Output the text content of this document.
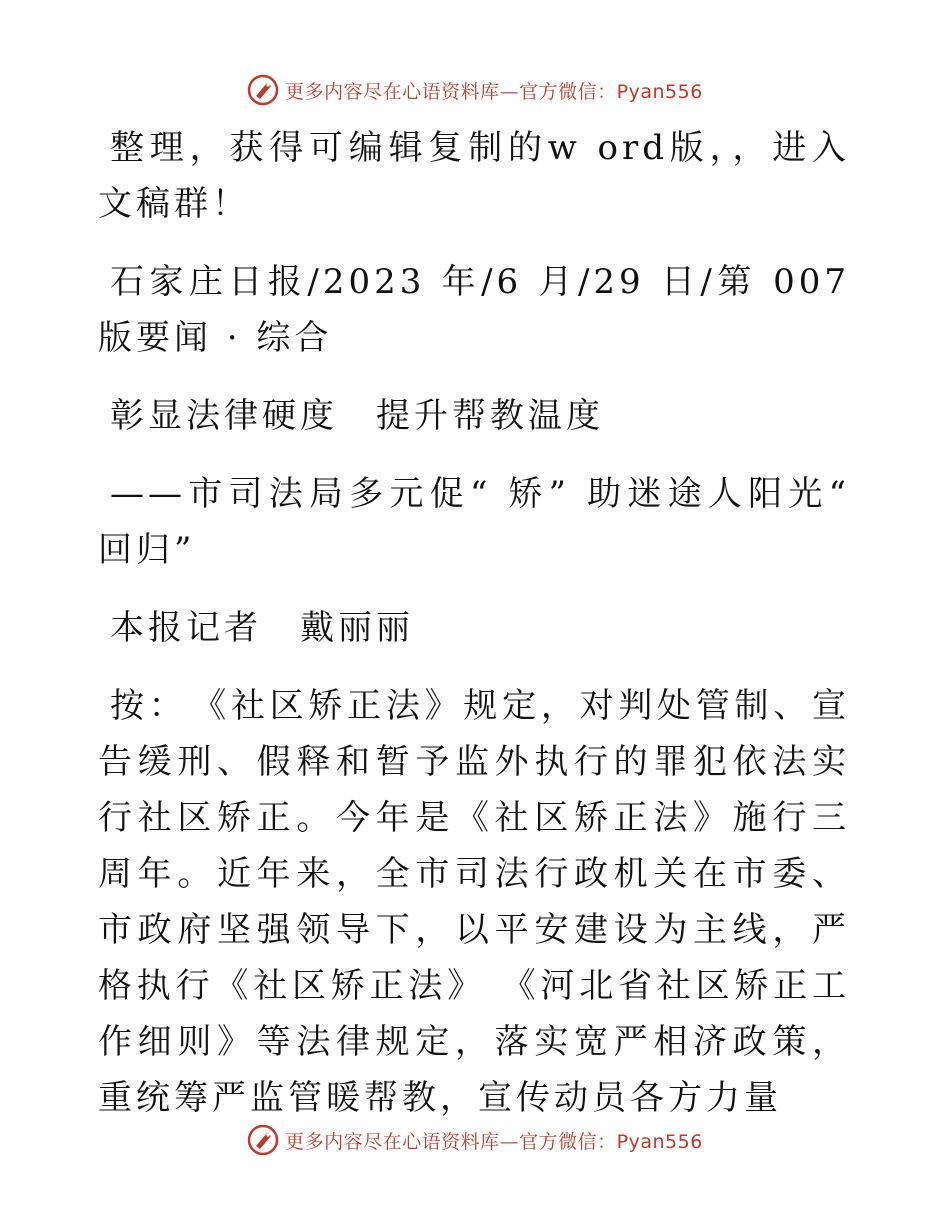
更多内容尽在心语资料库—官方微信：Pyan556

整理，获得可编辑复制的w ord版，，进入文稿群！

石家庄日报/2023 年/6 月/29 日/第 007 版要闻 · 综合

彰显法律硬度　提升帮教温度

——市司法局多元促“ 矫” 助迷途人阳光“ 回归”

本报记者　戴丽丽

按：　《社区矫正法》规定，对判处管制、宣告缓刑、假释和暂予监外执行的罪犯依法实行社区矫正。今年是《社区矫正法》施行三周年。近年来，全市司法行政机关在市委、市政府坚强领导下，以平安建设为主线，严格执行《社区矫正法》 《河北省社区矫正工作细则》等法律规定，落实宽严相济政策，重统筹严监管暖帮教，宣传动员各方力量

更多内容尽在心语资料库—官方微信：Pyan556
